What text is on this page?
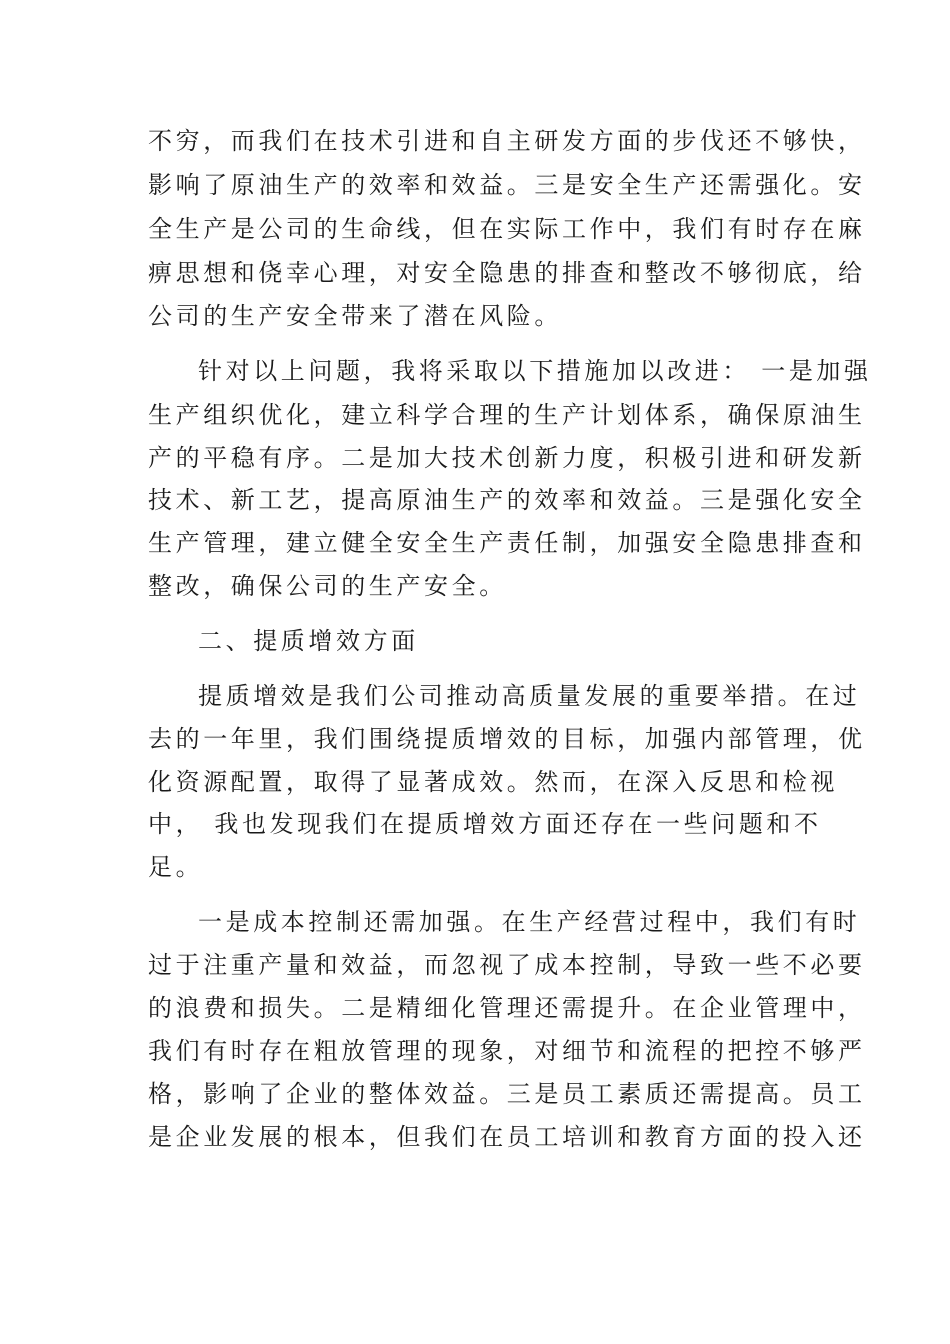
不穷，而我们在技术引进和自主研发方面的步伐还不够快，
影响了原油生产的效率和效益。三是安全生产还需强化。安
全生产是公司的生命线，但在实际工作中，我们有时存在麻
痹思想和侥幸心理，对安全隐患的排查和整改不够彻底，给
公司的生产安全带来了潜在风险。
针对以上问题，我将采取以下措施加以改进： 一是加强
生产组织优化，建立科学合理的生产计划体系，确保原油生
产的平稳有序。二是加大技术创新力度，积极引进和研发新
技术、新工艺，提高原油生产的效率和效益。三是强化安全
生产管理，建立健全安全生产责任制，加强安全隐患排查和
整改，确保公司的生产安全。
二、提质增效方面
提质增效是我们公司推动高质量发展的重要举措。在过
去的一年里，我们围绕提质增效的目标，加强内部管理，优
化资源配置，取得了显著成效。然而，在深入反思和检视
中， 我也发现我们在提质增效方面还存在一些问题和不
足。
一是成本控制还需加强。在生产经营过程中，我们有时
过于注重产量和效益，而忽视了成本控制，导致一些不必要
的浪费和损失。二是精细化管理还需提升。在企业管理中，
我们有时存在粗放管理的现象，对细节和流程的把控不够严
格，影响了企业的整体效益。三是员工素质还需提高。员工
是企业发展的根本，但我们在员工培训和教育方面的投入还
